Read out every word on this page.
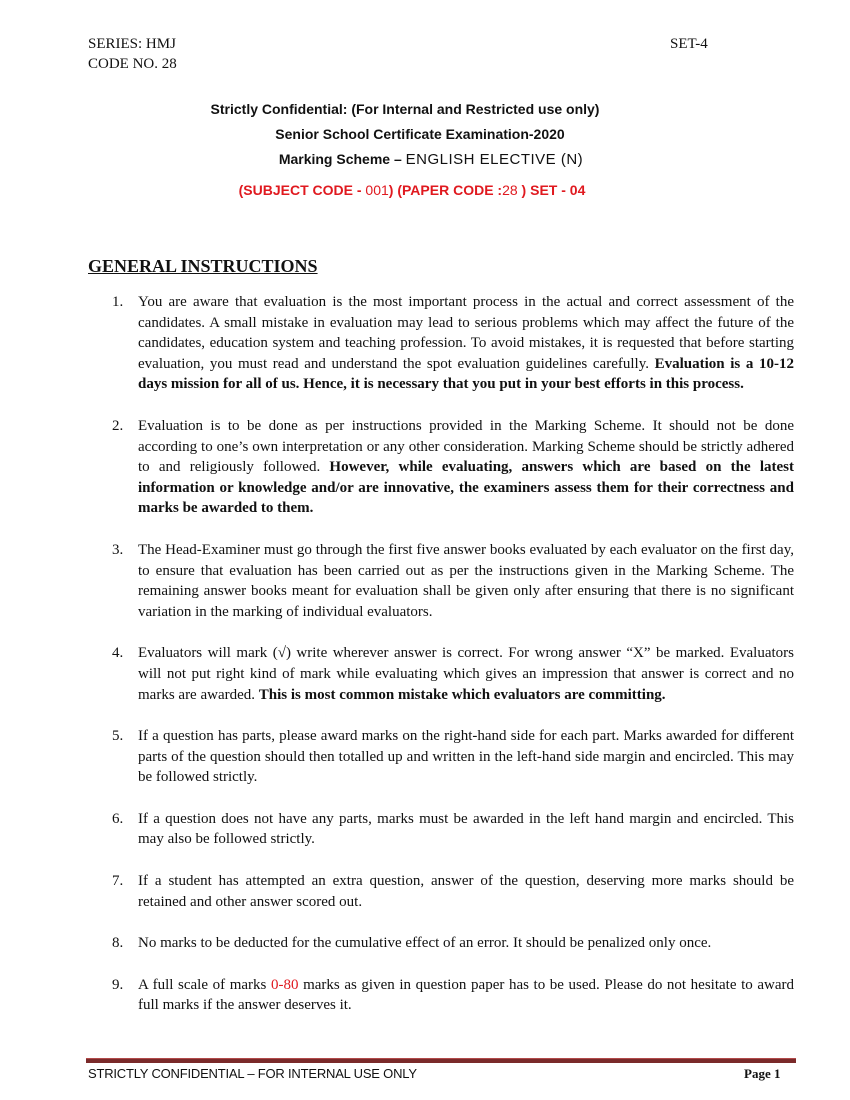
SERIES: HMJ
CODE NO. 28
SET-4
Strictly Confidential: (For Internal and Restricted use only)
Senior School Certificate Examination-2020
Marking Scheme – ENGLISH ELECTIVE (N)
(SUBJECT CODE - 001) (PAPER CODE :28 ) SET - 04
GENERAL INSTRUCTIONS
1. You are aware that evaluation is the most important process in the actual and correct assessment of the candidates. A small mistake in evaluation may lead to serious problems which may affect the future of the candidates, education system and teaching profession. To avoid mistakes, it is requested that before starting evaluation, you must read and understand the spot evaluation guidelines carefully. Evaluation is a 10-12 days mission for all of us. Hence, it is necessary that you put in your best efforts in this process.
2. Evaluation is to be done as per instructions provided in the Marking Scheme. It should not be done according to one’s own interpretation or any other consideration. Marking Scheme should be strictly adhered to and religiously followed. However, while evaluating, answers which are based on the latest information or knowledge and/or are innovative, the examiners assess them for their correctness and marks be awarded to them.
3. The Head-Examiner must go through the first five answer books evaluated by each evaluator on the first day, to ensure that evaluation has been carried out as per the instructions given in the Marking Scheme. The remaining answer books meant for evaluation shall be given only after ensuring that there is no significant variation in the marking of individual evaluators.
4. Evaluators will mark (√) write wherever answer is correct. For wrong answer “X” be marked. Evaluators will not put right kind of mark while evaluating which gives an impression that answer is correct and no marks are awarded. This is most common mistake which evaluators are committing.
5. If a question has parts, please award marks on the right-hand side for each part. Marks awarded for different parts of the question should then totalled up and written in the left-hand side margin and encircled. This may be followed strictly.
6. If a question does not have any parts, marks must be awarded in the left hand margin and encircled. This may also be followed strictly.
7. If a student has attempted an extra question, answer of the question, deserving more marks should be retained and other answer scored out.
8. No marks to be deducted for the cumulative effect of an error. It should be penalized only once.
9. A full scale of marks 0-80 marks as given in question paper has to be used. Please do not hesitate to award full marks if the answer deserves it.
STRICTLY CONFIDENTIAL – FOR INTERNAL USE ONLY	Page 1
